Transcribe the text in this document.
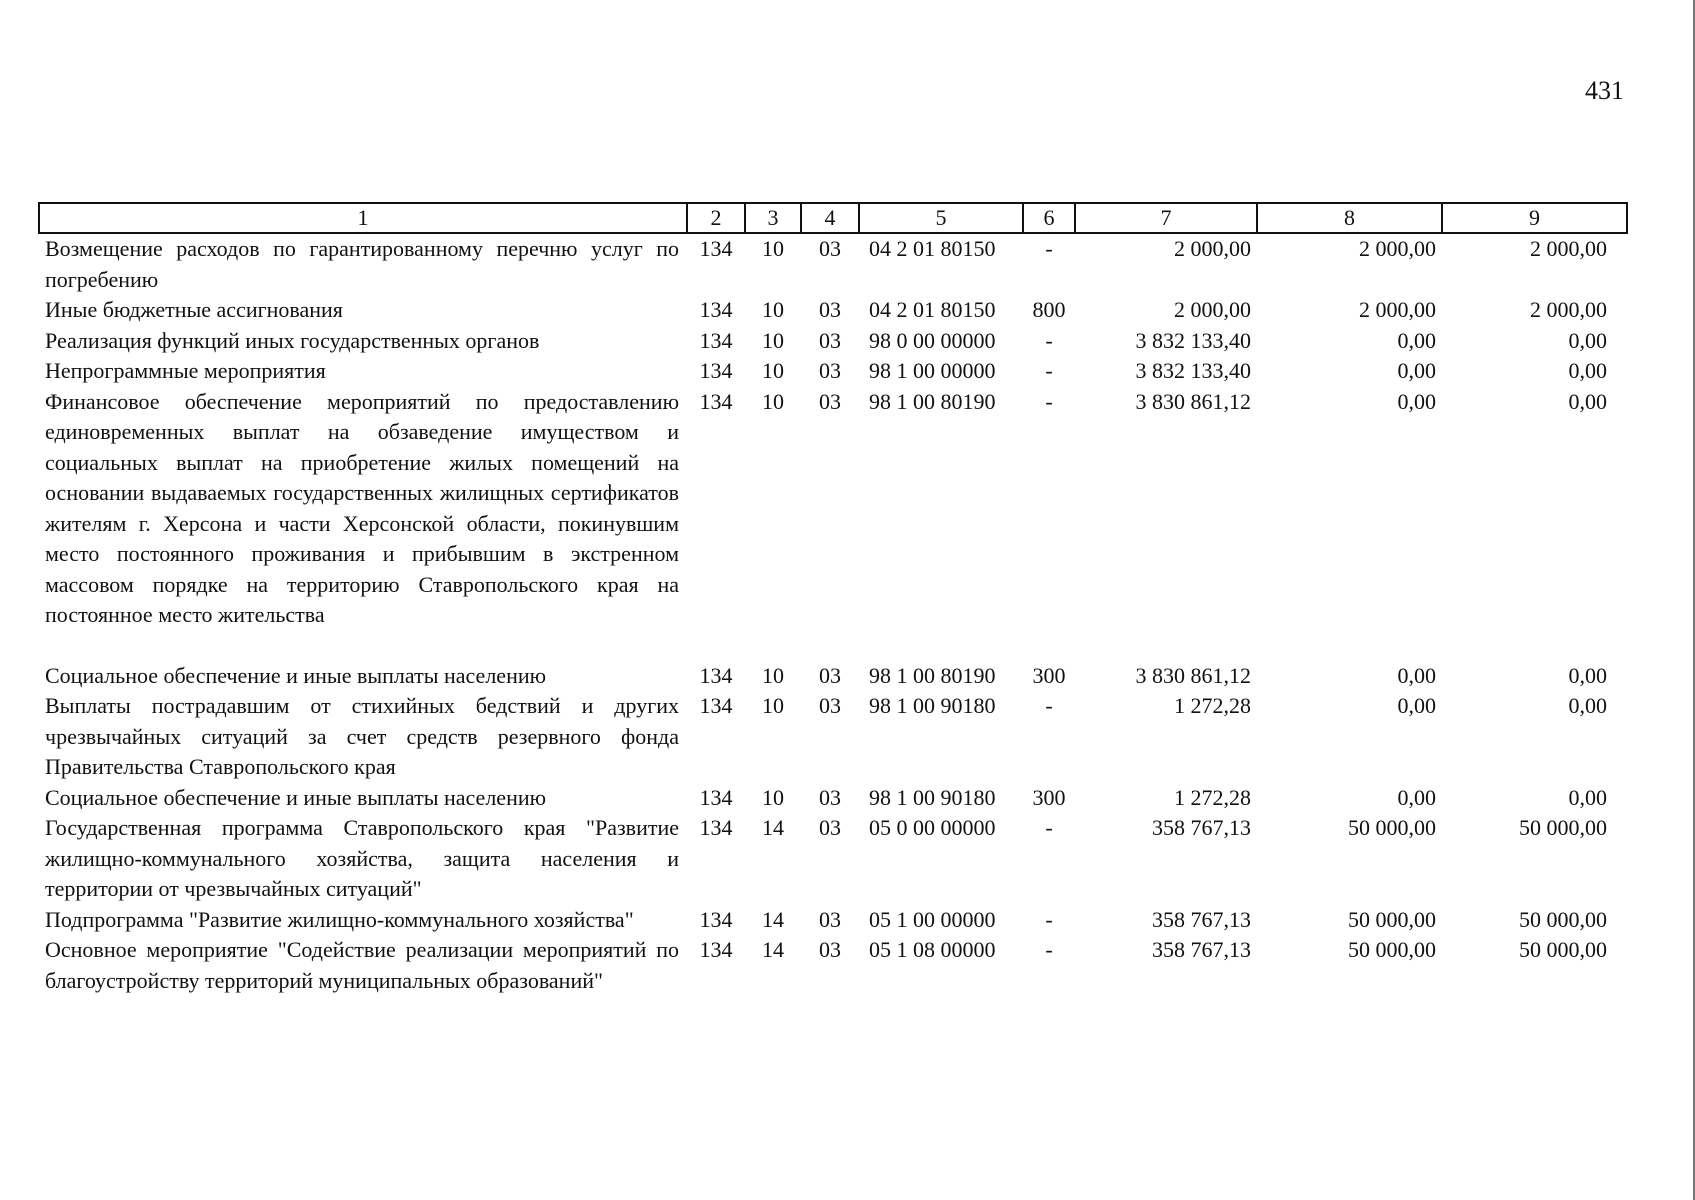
431
1	2	3	4	5	6	7	8	9
Возмещение расходов по гарантированному перечню услуг по погребению	134	10	03	04 2 01 80150	-	2 000,00	2 000,00	2 000,00
Иные бюджетные ассигнования	134	10	03	04 2 01 80150	800	2 000,00	2 000,00	2 000,00
Реализация функций иных государственных органов	134	10	03	98 0 00 00000	-	3 832 133,40	0,00	0,00
Непрограммные мероприятия	134	10	03	98 1 00 00000	-	3 832 133,40	0,00	0,00
Финансовое обеспечение мероприятий по предоставлению единовременных выплат на обзаведение имуществом и социальных выплат на приобретение жилых помещений на основании выдаваемых государственных жилищных сертификатов жителям г. Херсона и части Херсонской области, покинувшим место постоянного проживания и прибывшим в экстренном массовом порядке на территорию Ставропольского края на постоянное место жительства	134	10	03	98 1 00 80190	-	3 830 861,12	0,00	0,00

Социальное обеспечение и иные выплаты населению	134	10	03	98 1 00 80190	300	3 830 861,12	0,00	0,00
Выплаты пострадавшим от стихийных бедствий и других чрезвычайных ситуаций за счет средств резервного фонда Правительства Ставропольского края	134	10	03	98 1 00 90180	-	1 272,28	0,00	0,00
Социальное обеспечение и иные выплаты населению	134	10	03	98 1 00 90180	300	1 272,28	0,00	0,00
Государственная программа Ставропольского края "Развитие жилищно-коммунального хозяйства, защита населения и территории от чрезвычайных ситуаций"	134	14	03	05 0 00 00000	-	358 767,13	50 000,00	50 000,00
Подпрограмма "Развитие жилищно-коммунального хозяйства"	134	14	03	05 1 00 00000	-	358 767,13	50 000,00	50 000,00
Основное мероприятие "Содействие реализации мероприятий по благоустройству территорий муниципальных образований"	134	14	03	05 1 08 00000	-	358 767,13	50 000,00	50 000,00
